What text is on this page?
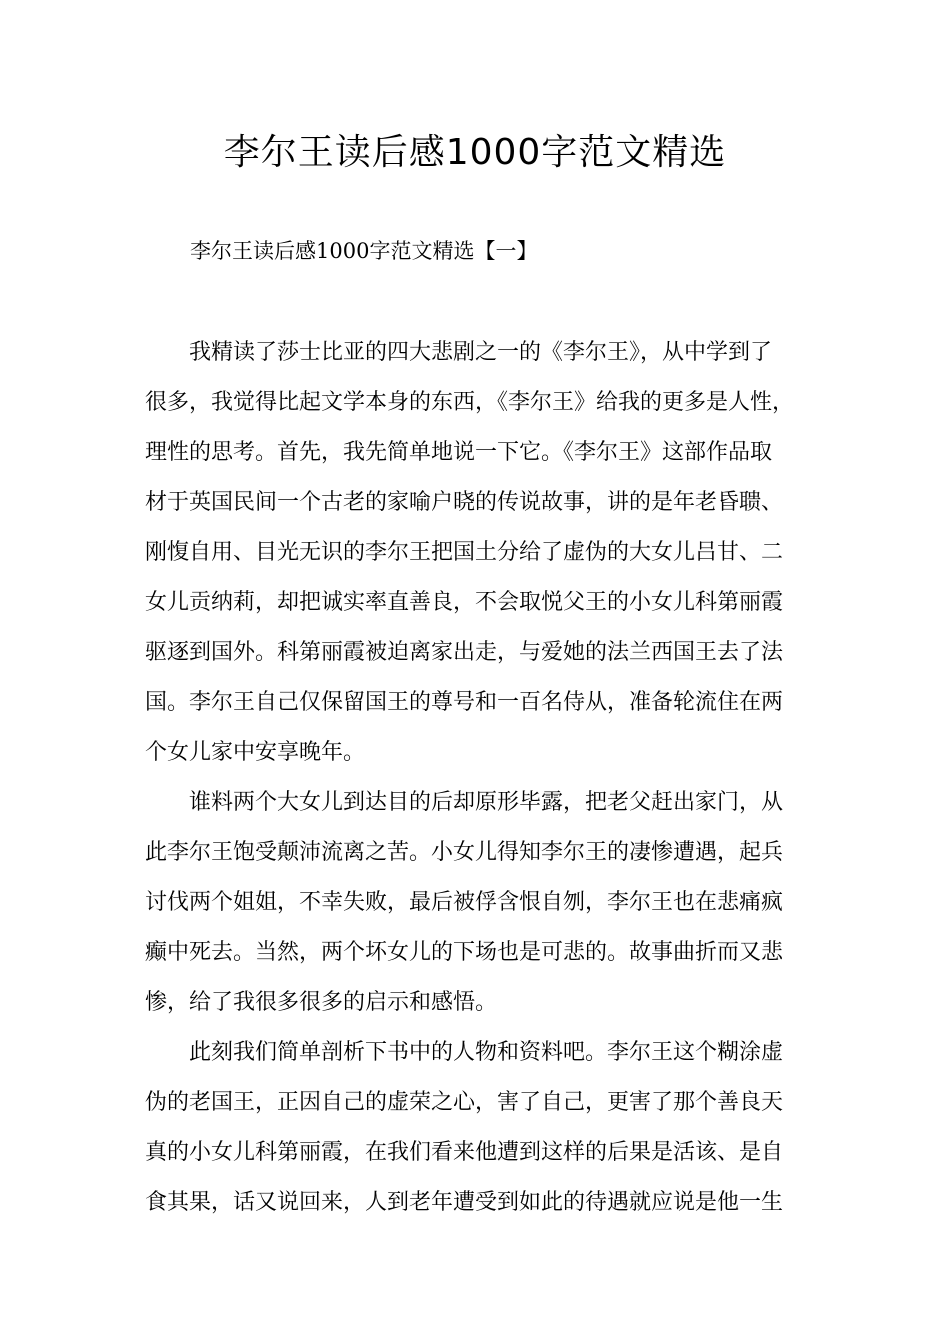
李尔王读后感1000字范文精选

李尔王读后感1000字范文精选【一】

我精读了莎士比亚的四大悲剧之一的《李尔王》，从中学到了
很多，我觉得比起文学本身的东西，《李尔王》给我的更多是人性，
理性的思考。首先，我先简单地说一下它。《李尔王》这部作品取
材于英国民间一个古老的家喻户晓的传说故事，讲的是年老昏聩、
刚愎自用、目光无识的李尔王把国土分给了虚伪的大女儿吕甘、二
女儿贡纳莉，却把诚实率直善良，不会取悦父王的小女儿科第丽霞
驱逐到国外。科第丽霞被迫离家出走，与爱她的法兰西国王去了法
国。李尔王自己仅保留国王的尊号和一百名侍从，准备轮流住在两
个女儿家中安享晚年。
谁料两个大女儿到达目的后却原形毕露，把老父赶出家门，从
此李尔王饱受颠沛流离之苦。小女儿得知李尔王的凄惨遭遇，起兵
讨伐两个姐姐，不幸失败，最后被俘含恨自刎，李尔王也在悲痛疯
癫中死去。当然，两个坏女儿的下场也是可悲的。故事曲折而又悲
惨，给了我很多很多的启示和感悟。
此刻我们简单剖析下书中的人物和资料吧。李尔王这个糊涂虚
伪的老国王，正因自己的虚荣之心，害了自己，更害了那个善良天
真的小女儿科第丽霞，在我们看来他遭到这样的后果是活该、是自
食其果，话又说回来，人到老年遭受到如此的待遇就应说是他一生
